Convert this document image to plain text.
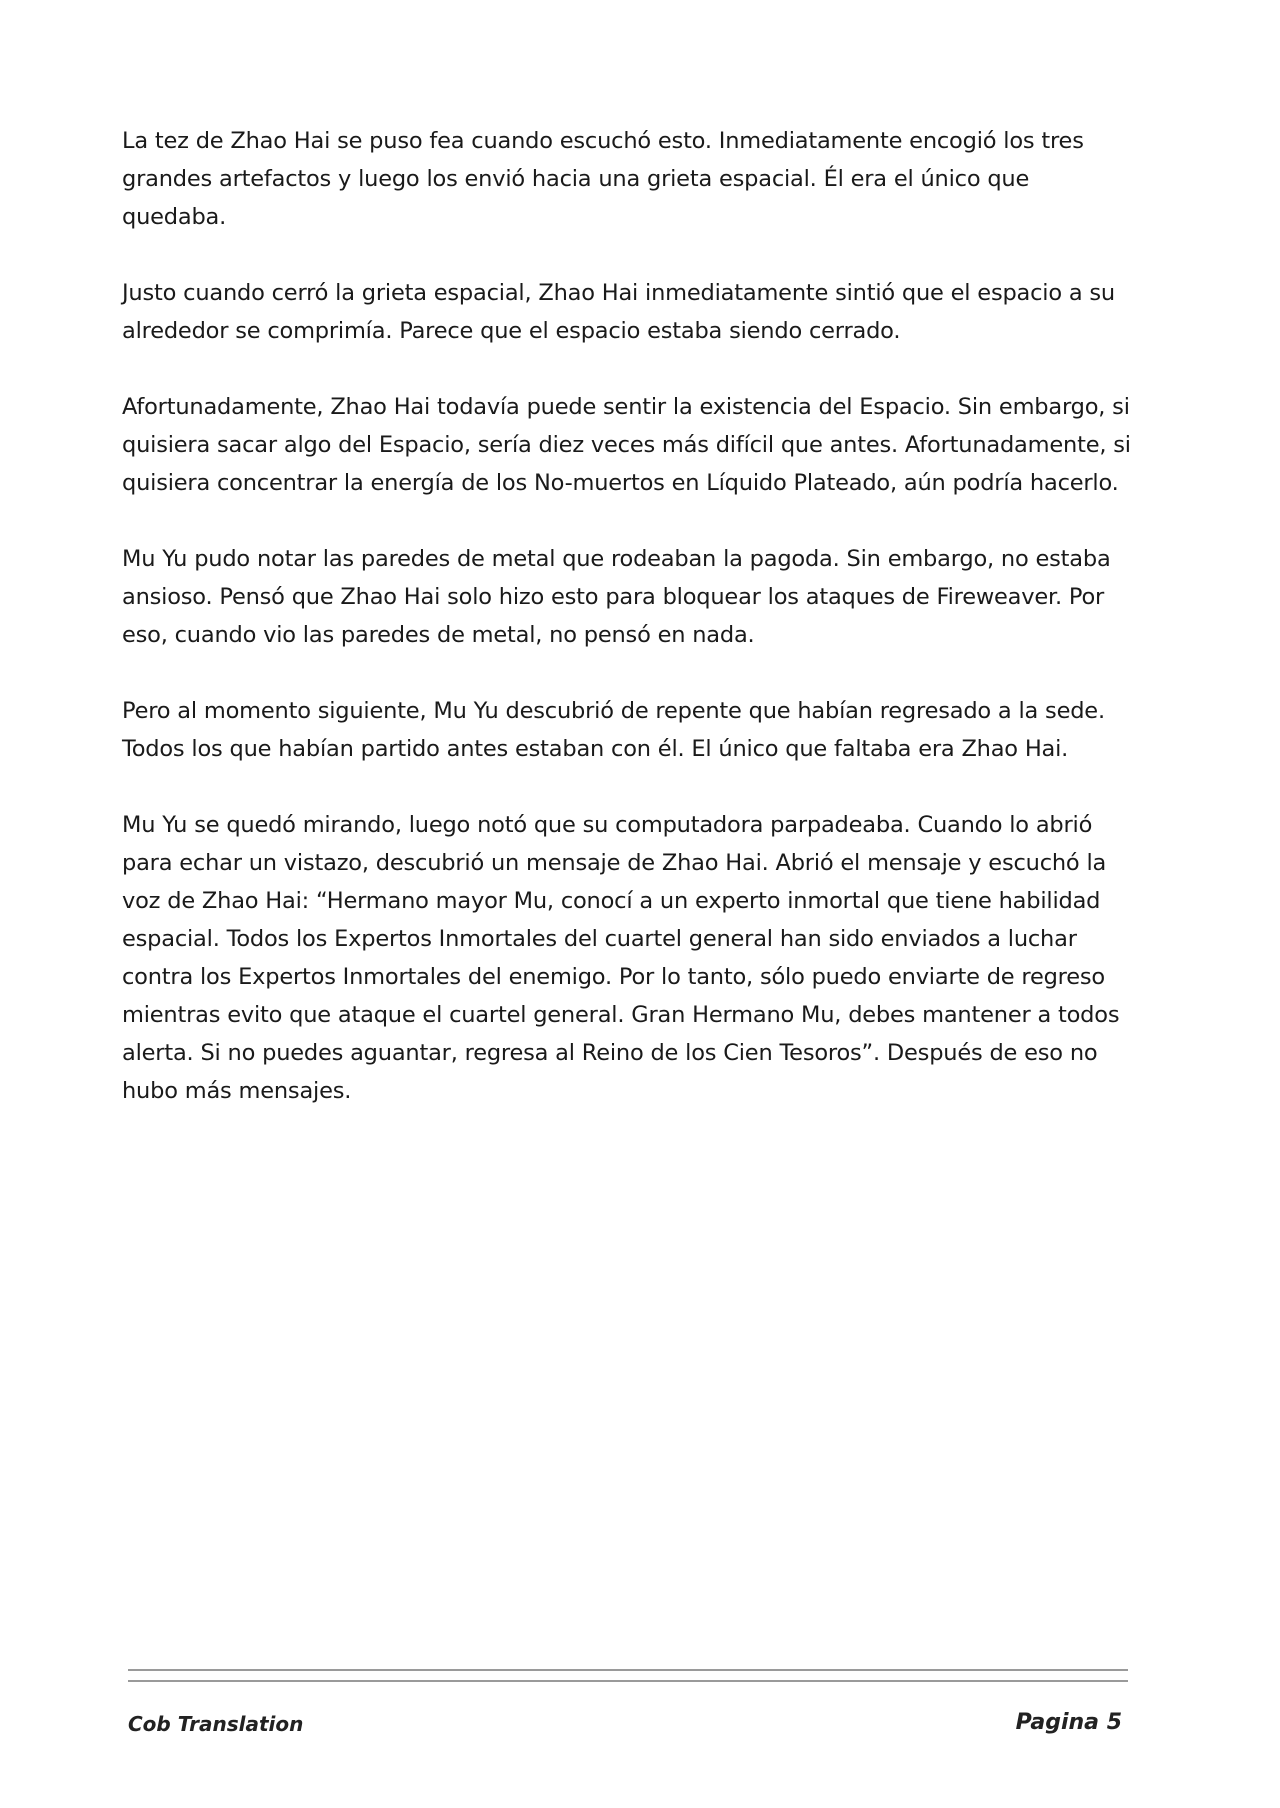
La tez de Zhao Hai se puso fea cuando escuchó esto. Inmediatamente encogió los tres grandes artefactos y luego los envió hacia una grieta espacial. Él era el único que quedaba.

Justo cuando cerró la grieta espacial, Zhao Hai inmediatamente sintió que el espacio a su alrededor se comprimía. Parece que el espacio estaba siendo cerrado.

Afortunadamente, Zhao Hai todavía puede sentir la existencia del Espacio. Sin embargo, si quisiera sacar algo del Espacio, sería diez veces más difícil que antes. Afortunadamente, si quisiera concentrar la energía de los No-muertos en Líquido Plateado, aún podría hacerlo.

Mu Yu pudo notar las paredes de metal que rodeaban la pagoda. Sin embargo, no estaba ansioso. Pensó que Zhao Hai solo hizo esto para bloquear los ataques de Fireweaver. Por eso, cuando vio las paredes de metal, no pensó en nada.

Pero al momento siguiente, Mu Yu descubrió de repente que habían regresado a la sede. Todos los que habían partido antes estaban con él. El único que faltaba era Zhao Hai.

Mu Yu se quedó mirando, luego notó que su computadora parpadeaba. Cuando lo abrió para echar un vistazo, descubrió un mensaje de Zhao Hai. Abrió el mensaje y escuchó la voz de Zhao Hai: “Hermano mayor Mu, conocí a un experto inmortal que tiene habilidad espacial. Todos los Expertos Inmortales del cuartel general han sido enviados a luchar contra los Expertos Inmortales del enemigo. Por lo tanto, sólo puedo enviarte de regreso mientras evito que ataque el cuartel general. Gran Hermano Mu, debes mantener a todos alerta. Si no puedes aguantar, regresa al Reino de los Cien Tesoros”. Después de eso no hubo más mensajes.

Cob Translation	Pagina 5
